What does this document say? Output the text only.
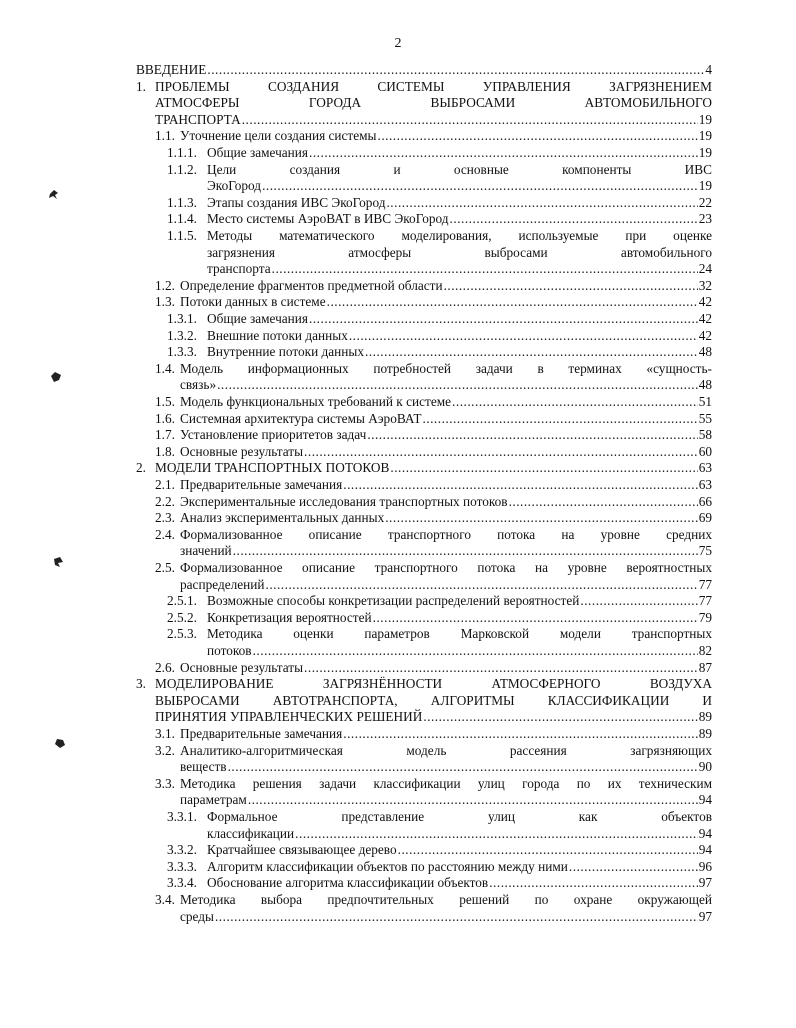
2
ВВЕДЕНИЕ .....	4
1. ПРОБЛЕМЫ СОЗДАНИЯ СИСТЕМЫ УПРАВЛЕНИЯ ЗАГРЯЗНЕНИЕМ
АТМОСФЕРЫ ГОРОДА ВЫБРОСАМИ АВТОМОБИЛЬНОГО
ТРАНСПОРТА .....	19
1.1. Уточнение цели создания системы .....	19
1.1.1. Общие замечания .....	19
1.1.2. Цели создания и основные компоненты ИВС
ЭкоГород .....	19
1.1.3. Этапы создания ИВС ЭкоГород .....	22
1.1.4. Место системы АэроВАТ в ИВС ЭкоГород .....	23
1.1.5. Методы математического моделирования, используемые при оценке
загрязнения атмосферы выбросами автомобильного
транспорта .....	24
1.2. Определение фрагментов предметной области .....	32
1.3. Потоки данных в системе .....	42
1.3.1. Общие замечания .....	42
1.3.2. Внешние потоки данных .....	42
1.3.3. Внутренние потоки данных .....	48
1.4. Модель информационных потребностей задачи в терминах «сущность-
связь» .....	48
1.5. Модель функциональных требований к системе .....	51
1.6. Системная архитектура системы АэроВАТ .....	55
1.7. Установление приоритетов задач .....	58
1.8. Основные результаты .....	60
2. МОДЕЛИ ТРАНСПОРТНЫХ ПОТОКОВ .....	63
2.1. Предварительные замечания .....	63
2.2. Экспериментальные исследования транспортных потоков .....	66
2.3. Анализ экспериментальных данных .....	69
2.4. Формализованное описание транспортного потока на уровне средних
значений .....	75
2.5. Формализованное описание транспортного потока на уровне вероятностных
распределений .....	77
2.5.1. Возможные способы конкретизации распределений вероятностей .....	77
2.5.2. Конкретизация вероятностей .....	79
2.5.3. Методика оценки параметров Марковской модели транспортных
потоков .....	82
2.6. Основные результаты .....	87
3. МОДЕЛИРОВАНИЕ ЗАГРЯЗНЁННОСТИ АТМОСФЕРНОГО ВОЗДУХА
ВЫБРОСАМИ АВТОТРАНСПОРТА, АЛГОРИТМЫ КЛАССИФИКАЦИИ И
ПРИНЯТИЯ УПРАВЛЕНЧЕСКИХ РЕШЕНИЙ .....	89
3.1. Предварительные замечания .....	89
3.2. Аналитико-алгоритмическая модель рассеяния загрязняющих
веществ .....	90
3.3. Методика решения задачи классификации улиц города по их техническим
параметрам .....	94
3.3.1. Формальное представление улиц как объектов
классификации .....	94
3.3.2. Кратчайшее связывающее дерево .....	94
3.3.3. Алгоритм классификации объектов по расстоянию между ними .....	96
3.3.4. Обоснование алгоритма классификации объектов .....	97
3.4. Методика выбора предпочтительных решений по охране окружающей
среды .....	97
